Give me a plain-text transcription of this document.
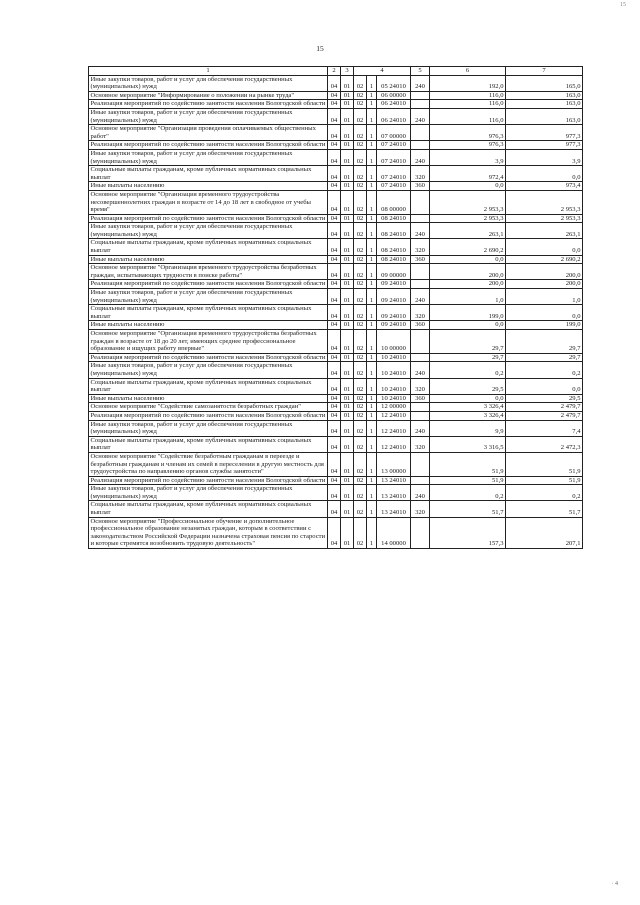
15
15
1	2	3	4			5	6	7
Иные закупки товаров, работ и услуг для обеспечения государственных (муниципальных) нужд	04	01	02	1	05 24010	240	192,0	165,0
Основное мероприятие "Информирование о положении на рынке труда"	04	01	02	1	06 00000		116,0	163,0
Реализация мероприятий по содействию занятости населения Вологодской области	04	01	02	1	06 24010		116,0	163,0
Иные закупки товаров, работ и услуг для обеспечения государственных (муниципальных) нужд	04	01	02	1	06 24010	240	116,0	163,0
Основное мероприятие "Организация проведения оплачиваемых общественных работ"	04	01	02	1	07 00000		976,3	977,3
Реализация мероприятий по содействию занятости населения Вологодской области	04	01	02	1	07 24010		976,3	977,3
Иные закупки товаров, работ и услуг для обеспечения государственных (муниципальных) нужд	04	01	02	1	07 24010	240	3,9	3,9
Социальные выплаты гражданам, кроме публичных нормативных социальных выплат	04	01	02	1	07 24010	320	972,4	0,0
Иные выплаты населению	04	01	02	1	07 24010	360	0,0	973,4
Основное мероприятие "Организация временного трудоустройства несовершеннолетних граждан в возрасте от 14 до 18 лет в свободное от учебы время"	04	01	02	1	08 00000		2 953,3	2 953,3
Реализация мероприятий по содействию занятости населения Вологодской области	04	01	02	1	08 24010		2 953,3	2 953,3
Иные закупки товаров, работ и услуг для обеспечения государственных (муниципальных) нужд	04	01	02	1	08 24010	240	263,1	263,1
Социальные выплаты гражданам, кроме публичных нормативных социальных выплат	04	01	02	1	08 24010	320	2 690,2	0,0
Иные выплаты населению	04	01	02	1	08 24010	360	0,0	2 690,2
Основное мероприятие "Организация временного трудоустройства безработных граждан, испытывающих трудности в поиске работы"	04	01	02	1	09 00000		200,0	200,0
Реализация мероприятий по содействию занятости населения Вологодской области	04	01	02	1	09 24010		200,0	200,0
Иные закупки товаров, работ и услуг для обеспечения государственных (муниципальных) нужд	04	01	02	1	09 24010	240	1,0	1,0
Социальные выплаты гражданам, кроме публичных нормативных социальных выплат	04	01	02	1	09 24010	320	199,0	0,0
Иные выплаты населению	04	01	02	1	09 24010	360	0,0	199,0
Основное мероприятие "Организация временного трудоустройства безработных граждан в возрасте от 18 до 20 лет, имеющих среднее профессиональное образование и ищущих работу впервые"	04	01	02	1	10 00000		29,7	29,7
Реализация мероприятий по содействию занятости населения Вологодской области	04	01	02	1	10 24010		29,7	29,7
Иные закупки товаров, работ и услуг для обеспечения государственных (муниципальных) нужд	04	01	02	1	10 24010	240	0,2	0,2
Социальные выплаты гражданам, кроме публичных нормативных социальных выплат	04	01	02	1	10 24010	320	29,5	0,0
Иные выплаты населению	04	01	02	1	10 24010	360	0,0	29,5
Основное мероприятие "Содействие самозанятости безработных граждан"	04	01	02	1	12 00000		3 326,4	2 479,7
Реализация мероприятий по содействию занятости населения Вологодской области	04	01	02	1	12 24010		3 326,4	2 479,7
Иные закупки товаров, работ и услуг для обеспечения государственных (муниципальных) нужд	04	01	02	1	12 24010	240	9,9	7,4
Социальные выплаты гражданам, кроме публичных нормативных социальных выплат	04	01	02	1	12 24010	320	3 316,5	2 472,3
Основное мероприятие "Содействие безработным гражданам в переезде и безработным гражданам и членам их семей в переселении в другую местность для трудоустройства по направлению органов службы занятости"	04	01	02	1	13 00000		51,9	51,9
Реализация мероприятий по содействию занятости населения Вологодской области	04	01	02	1	13 24010		51,9	51,9
Иные закупки товаров, работ и услуг для обеспечения государственных (муниципальных) нужд	04	01	02	1	13 24010	240	0,2	0,2
Социальные выплаты гражданам, кроме публичных нормативных социальных выплат	04	01	02	1	13 24010	320	51,7	51,7
Основное мероприятие "Профессиональное обучение и дополнительное профессиональное образование незанятых граждан, которым в соответствии с законодательством Российской Федерации назначена страховая пенсия по старости и которые стремятся возобновить трудовую деятельность"	04	01	02	1	14 00000		157,3	207,1
· 4
